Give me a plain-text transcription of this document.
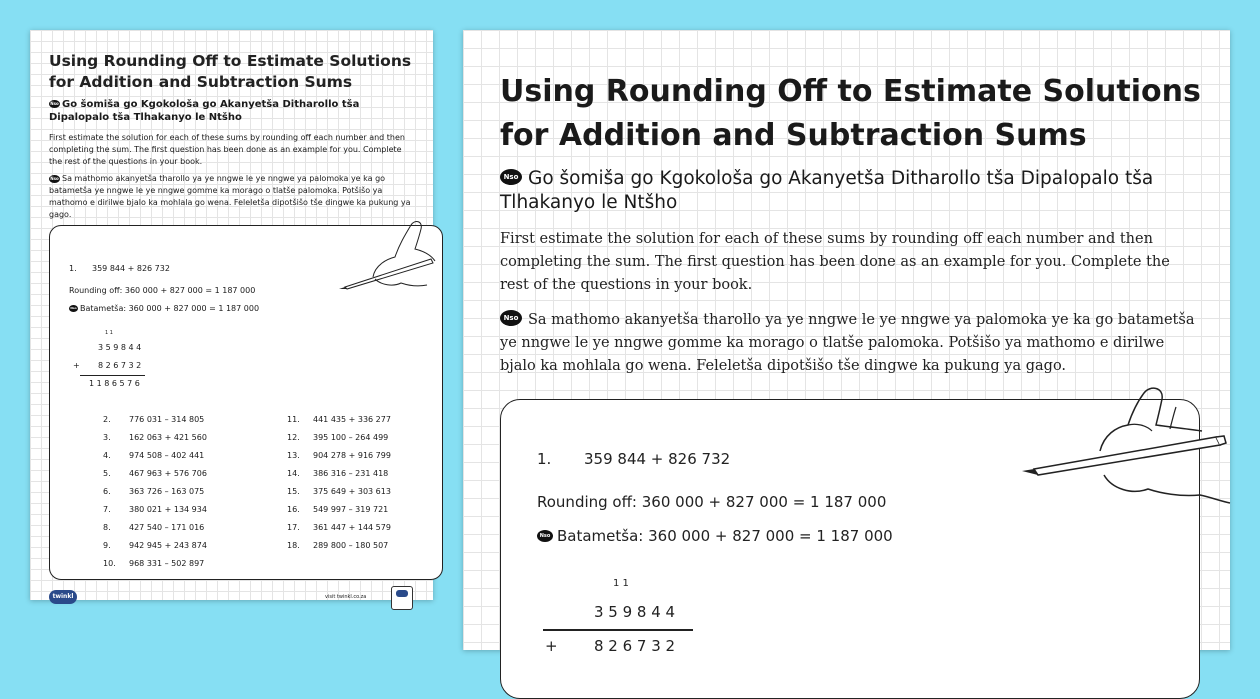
Using Rounding Off to Estimate Solutions
for Addition and Subtraction Sums
Nso Go šomiša go Kgokološa go Akanyetša Ditharollo tša Dipalopalo tša Tlhakanyo le Ntšho
First estimate the solution for each of these sums by rounding off each number and then completing the sum. The first question has been done as an example for you. Complete the rest of the questions in your book.
Nso Sa mathomo akanyetša tharollo ya ye nngwe le ye nngwe ya palomoka ye ka go batametša ye nngwe le ye nngwe gomme ka morago o tlatše palomoka. Potšišo ya mathomo e dirilwe bjalo ka mohlala go wena. Feleletša dipotšišo tše dingwe ka pukung ya gago.
1. 359 844 + 826 732
Rounding off: 360 000 + 827 000 = 1 187 000
Nso Batametša: 360 000 + 827 000 = 1 187 000
1 1
3 5 9 8 4 4
+ 8 2 6 7 3 2
1 1 8 6 5 7 6
2. 776 031 – 314 805
3. 162 063 + 421 560
4. 974 508 – 402 441
5. 467 963 + 576 706
6. 363 726 – 163 075
7. 380 021 + 134 934
8. 427 540 – 171 016
9. 942 945 + 243 874
10. 968 331 – 502 897
11. 441 435 + 336 277
12. 395 100 – 264 499
13. 904 278 + 916 799
14. 386 316 – 231 418
15. 375 649 + 303 613
16. 549 997 – 319 721
17. 361 447 + 144 579
18. 289 800 – 180 507
twinkl	visit twinkl.co.za
Using Rounding Off to Estimate Solutions
for Addition and Subtraction Sums
Nso Go šomiša go Kgokološa go Akanyetša Ditharollo tša Dipalopalo tša Tlhakanyo le Ntšho
First estimate the solution for each of these sums by rounding off each number and then completing the sum. The first question has been done as an example for you. Complete the rest of the questions in your book.
Nso Sa mathomo akanyetša tharollo ya ye nngwe le ye nngwe ya palomoka ye ka go batametša ye nngwe le ye nngwe gomme ka morago o tlatše palomoka. Potšišo ya mathomo e dirilwe bjalo ka mohlala go wena. Feleletša dipotšišo tše dingwe ka pukung ya gago.
1. 359 844 + 826 732
Rounding off: 360 000 + 827 000 = 1 187 000
Nso Batametša: 360 000 + 827 000 = 1 187 000
1 1
3 5 9 8 4 4
+ 8 2 6 7 3 2
